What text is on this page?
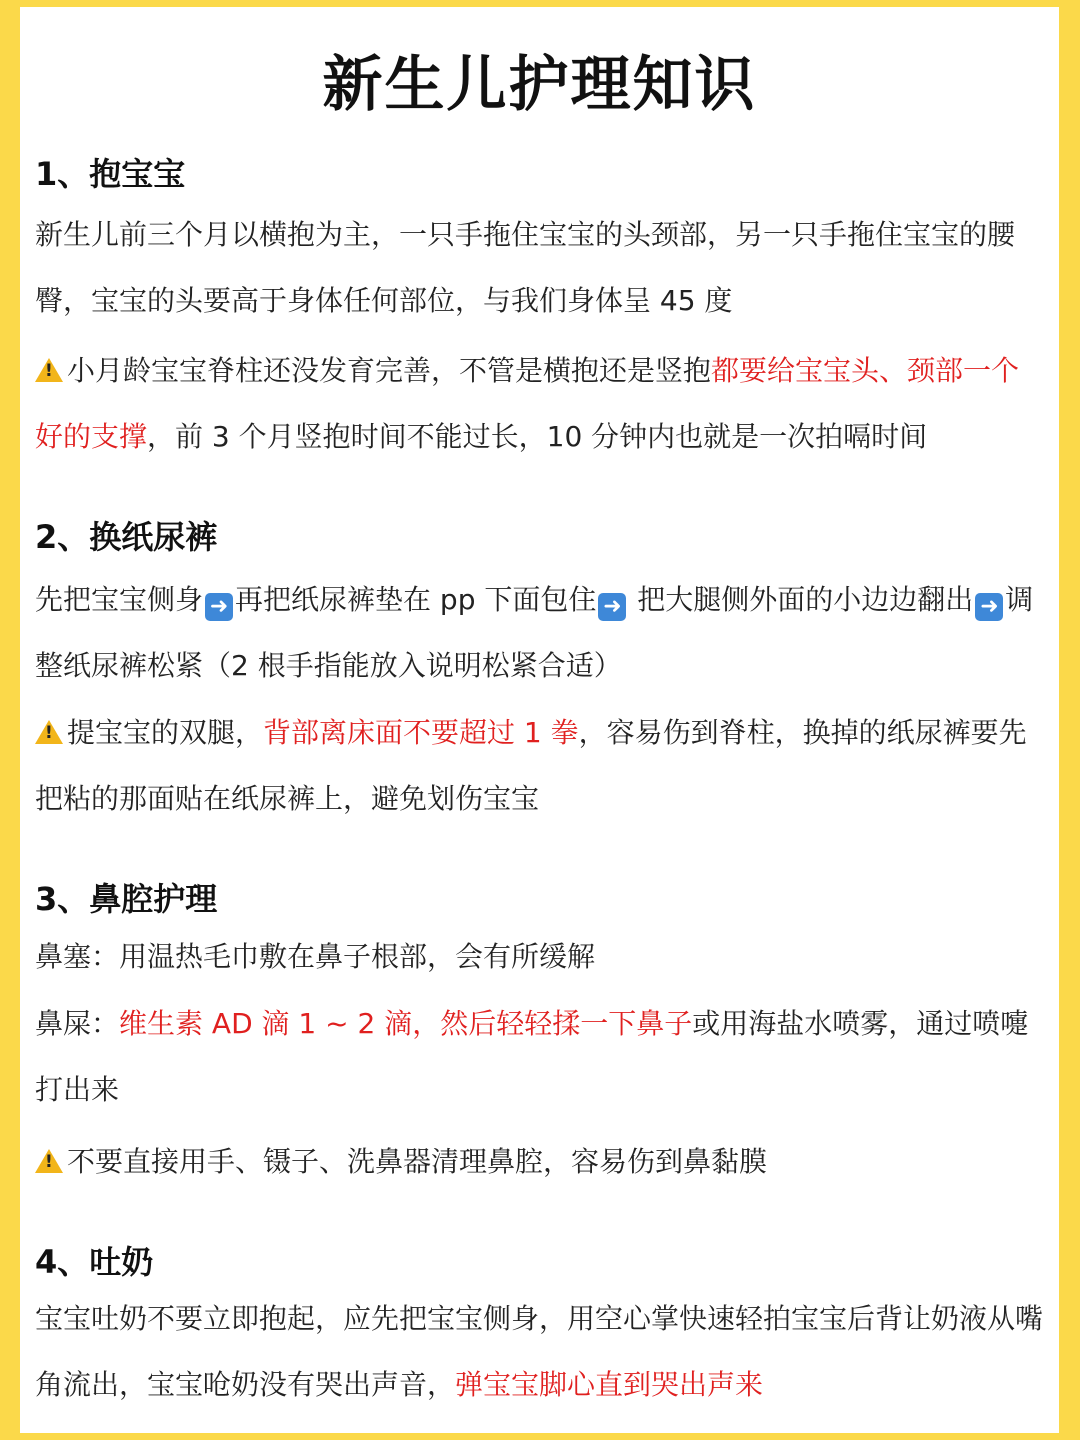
新生儿护理知识
1、抱宝宝

新生儿前三个月以横抱为主，一只手拖住宝宝的头颈部，另一只手拖住宝宝的腰臀，宝宝的头要高于身体任何部位，与我们身体呈 45 度

!小月龄宝宝脊柱还没发育完善，不管是横抱还是竖抱都要给宝宝头、颈部一个好的支撑，前 3 个月竖抱时间不能过长，10 分钟内也就是一次拍嗝时间

2、换纸尿裤

先把宝宝侧身 ➜ 再把纸尿裤垫在 pp 下面包住 ➜ 把大腿侧外面的小边边翻出 ➜ 调整纸尿裤松紧（2 根手指能放入说明松紧合适）

!提宝宝的双腿，背部离床面不要超过 1 拳，容易伤到脊柱，换掉的纸尿裤要先把粘的那面贴在纸尿裤上，避免划伤宝宝

3、鼻腔护理

鼻塞：用温热毛巾敷在鼻子根部，会有所缓解

鼻屎：维生素 AD 滴 1 ~ 2 滴，然后轻轻揉一下鼻子或用海盐水喷雾，通过喷嚏打出来

!不要直接用手、镊子、洗鼻器清理鼻腔，容易伤到鼻黏膜

4、吐奶

宝宝吐奶不要立即抱起，应先把宝宝侧身，用空心掌快速轻拍宝宝后背让奶液从嘴角流出，宝宝呛奶没有哭出声音，弹宝宝脚心直到哭出声来
